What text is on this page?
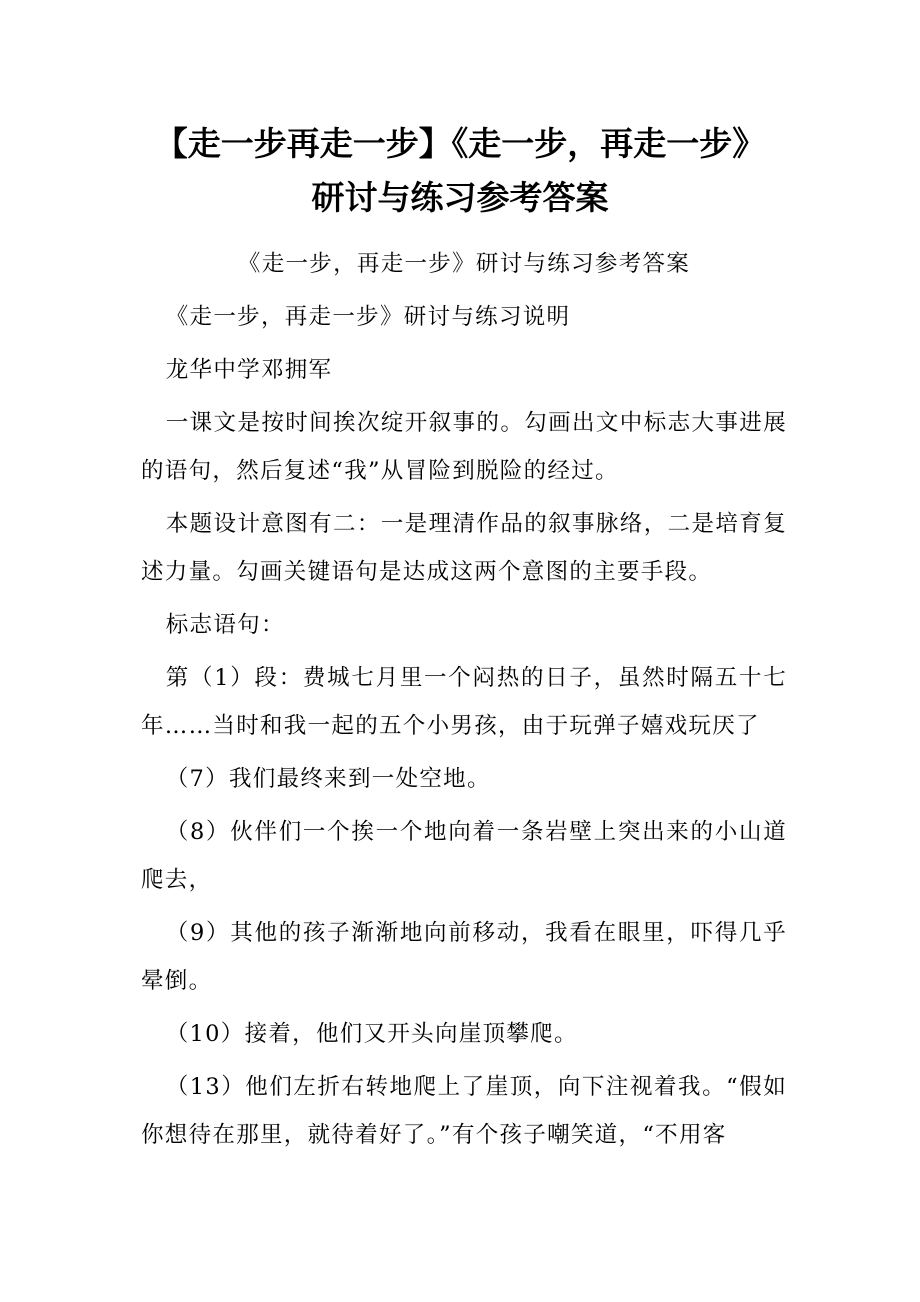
【走一步再走一步】《走一步，再走一步》
研讨与练习参考答案

《走一步，再走一步》研讨与练习参考答案

《走一步，再走一步》研讨与练习说明

龙华中学邓拥军

一课文是按时间挨次绽开叙事的。勾画出文中标志大事进展的语句，然后复述“我”从冒险到脱险的经过。

本题设计意图有二：一是理清作品的叙事脉络，二是培育复述力量。勾画关键语句是达成这两个意图的主要手段。

标志语句：

第（1）段：费城七月里一个闷热的日子，虽然时隔五十七年……当时和我一起的五个小男孩，由于玩弹子嬉戏玩厌了

（7）我们最终来到一处空地。

（8）伙伴们一个挨一个地向着一条岩壁上突出来的小山道爬去，

（9）其他的孩子渐渐地向前移动，我看在眼里，吓得几乎晕倒。

（10）接着，他们又开头向崖顶攀爬。

（13）他们左折右转地爬上了崖顶，向下注视着我。“假如你想待在那里，就待着好了。”有个孩子嘲笑道，“不用客
